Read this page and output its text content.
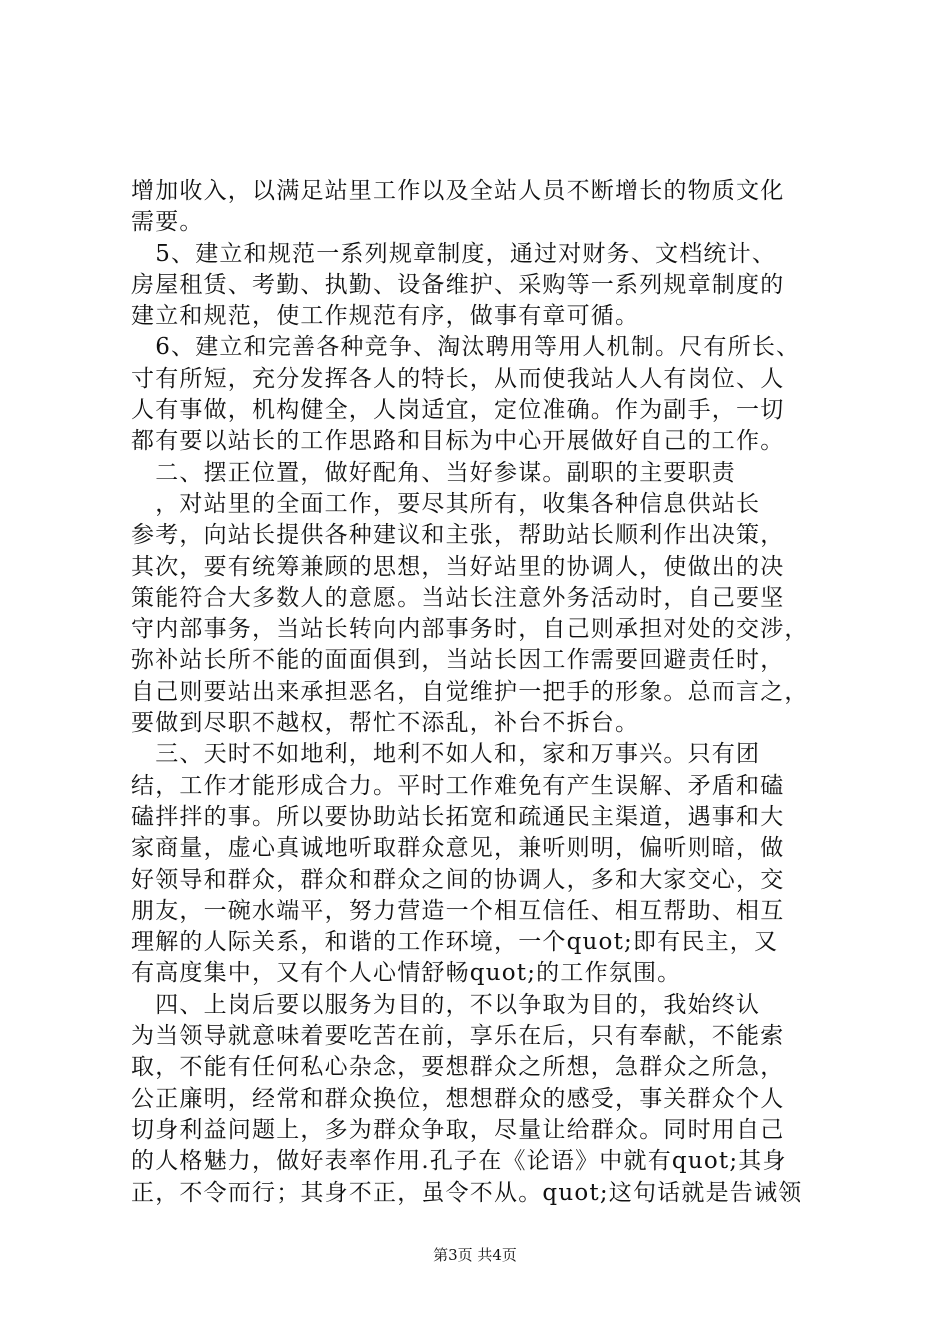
增加收入，以满足站里工作以及全站人员不断增长的物质文化
需要。
　5、建立和规范一系列规章制度，通过对财务、文档统计、
房屋租赁、考勤、执勤、设备维护、采购等一系列规章制度的
建立和规范，使工作规范有序，做事有章可循。
　6、建立和完善各种竞争、淘汰聘用等用人机制。尺有所长、
寸有所短，充分发挥各人的特长，从而使我站人人有岗位、人
人有事做，机构健全，人岗适宜，定位准确。作为副手，一切
都有要以站长的工作思路和目标为中心开展做好自己的工作。
　二、摆正位置，做好配角、当好参谋。副职的主要职责
　，对站里的全面工作，要尽其所有，收集各种信息供站长
参考，向站长提供各种建议和主张，帮助站长顺利作出决策，
其次，要有统筹兼顾的思想，当好站里的协调人，使做出的决
策能符合大多数人的意愿。当站长注意外务活动时，自己要坚
守内部事务，当站长转向内部事务时，自己则承担对处的交涉，
弥补站长所不能的面面俱到，当站长因工作需要回避责任时，
自己则要站出来承担恶名，自觉维护一把手的形象。总而言之，
要做到尽职不越权，帮忙不添乱，补台不拆台。
　三、天时不如地利，地利不如人和，家和万事兴。只有团
结，工作才能形成合力。平时工作难免有产生误解、矛盾和磕
磕拌拌的事。所以要协助站长拓宽和疏通民主渠道，遇事和大
家商量，虚心真诚地听取群众意见，兼听则明，偏听则暗，做
好领导和群众，群众和群众之间的协调人，多和大家交心，交
朋友，一碗水端平，努力营造一个相互信任、相互帮助、相互
理解的人际关系，和谐的工作环境，一个quot;即有民主，又
有高度集中，又有个人心情舒畅quot;的工作氛围。
　四、上岗后要以服务为目的，不以争取为目的，我始终认
为当领导就意味着要吃苦在前，享乐在后，只有奉献，不能索
取，不能有任何私心杂念，要想群众之所想，急群众之所急，
公正廉明，经常和群众换位，想想群众的感受，事关群众个人
切身利益问题上，多为群众争取，尽量让给群众。同时用自己
的人格魅力，做好表率作用.孔子在《论语》中就有quot;其身
正，不令而行；其身不正，虽令不从。quot;这句话就是告诫领
第3页 共4页
